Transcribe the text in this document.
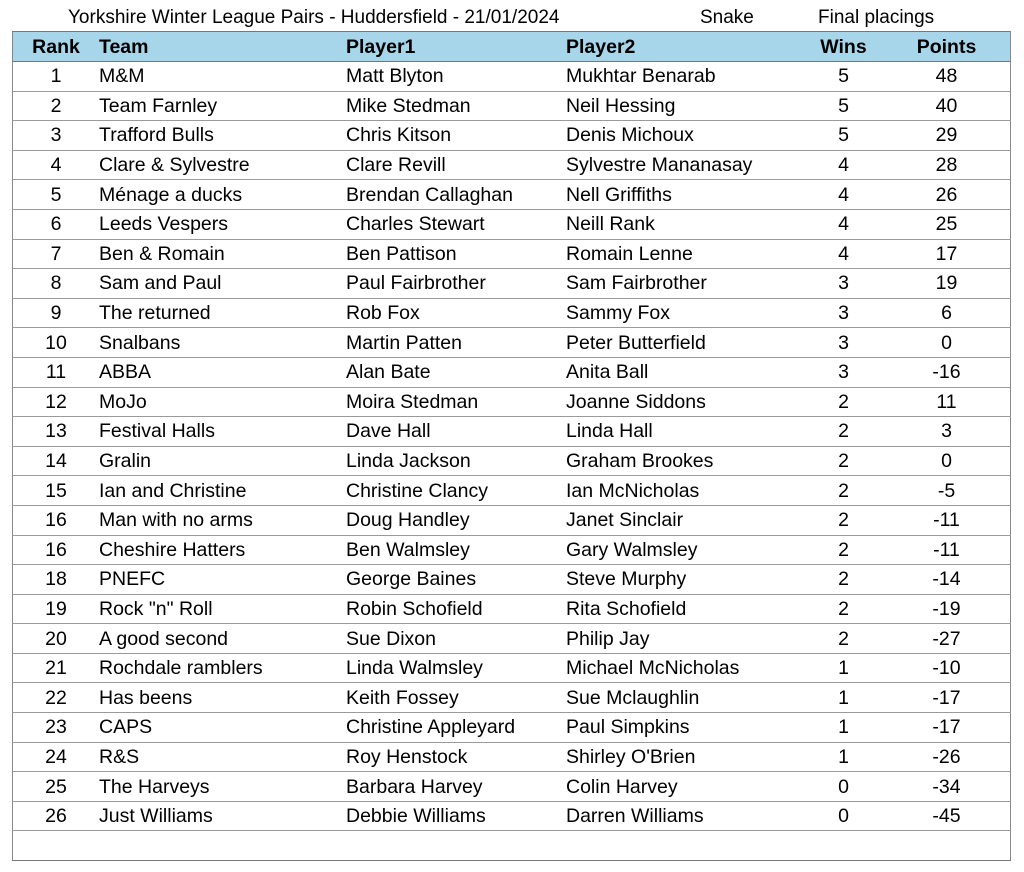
Yorkshire Winter League Pairs - Huddersfield - 21/01/2024	Snake	Final placings
Rank	Team	Player1	Player2	Wins	Points
1	M&M	Matt Blyton	Mukhtar Benarab	5	48
2	Team Farnley	Mike Stedman	Neil Hessing	5	40
3	Trafford Bulls	Chris Kitson	Denis Michoux	5	29
4	Clare & Sylvestre	Clare Revill	Sylvestre Mananasay	4	28
5	Ménage a ducks	Brendan Callaghan	Nell Griffiths	4	26
6	Leeds Vespers	Charles Stewart	Neill Rank	4	25
7	Ben & Romain	Ben Pattison	Romain Lenne	4	17
8	Sam and Paul	Paul Fairbrother	Sam Fairbrother	3	19
9	The returned	Rob Fox	Sammy Fox	3	6
10	Snalbans	Martin Patten	Peter Butterfield	3	0
11	ABBA	Alan Bate	Anita Ball	3	-16
12	MoJo	Moira Stedman	Joanne Siddons	2	11
13	Festival Halls	Dave Hall	Linda Hall	2	3
14	Gralin	Linda Jackson	Graham Brookes	2	0
15	Ian and Christine	Christine Clancy	Ian McNicholas	2	-5
16	Man with no arms	Doug Handley	Janet Sinclair	2	-11
16	Cheshire Hatters	Ben Walmsley	Gary Walmsley	2	-11
18	PNEFC	George Baines	Steve Murphy	2	-14
19	Rock "n" Roll	Robin Schofield	Rita Schofield	2	-19
20	A good second	Sue Dixon	Philip Jay	2	-27
21	Rochdale ramblers	Linda Walmsley	Michael McNicholas	1	-10
22	Has beens	Keith Fossey	Sue Mclaughlin	1	-17
23	CAPS	Christine Appleyard	Paul Simpkins	1	-17
24	R&S	Roy Henstock	Shirley O'Brien	1	-26
25	The Harveys	Barbara Harvey	Colin Harvey	0	-34
26	Just Williams	Debbie Williams	Darren Williams	0	-45
